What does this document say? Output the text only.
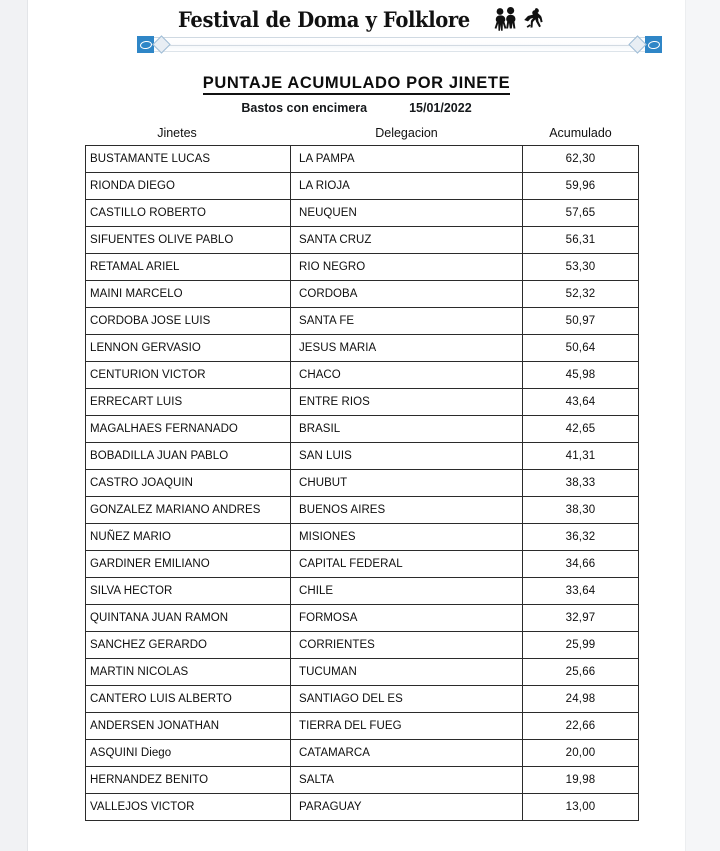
Festival de Doma y Folklore
PUNTAJE ACUMULADO POR JINETE
Bastos con encimera	15/01/2022
Jinetes	Delegacion	Acumulado
BUSTAMANTE LUCAS	LA PAMPA	62,30
RIONDA DIEGO	LA RIOJA	59,96
CASTILLO ROBERTO	NEUQUEN	57,65
SIFUENTES OLIVE PABLO	SANTA CRUZ	56,31
RETAMAL ARIEL	RIO NEGRO	53,30
MAINI MARCELO	CORDOBA	52,32
CORDOBA JOSE LUIS	SANTA FE	50,97
LENNON GERVASIO	JESUS MARIA	50,64
CENTURION VICTOR	CHACO	45,98
ERRECART LUIS	ENTRE RIOS	43,64
MAGALHAES FERNANADO	BRASIL	42,65
BOBADILLA JUAN PABLO	SAN LUIS	41,31
CASTRO JOAQUIN	CHUBUT	38,33
GONZALEZ MARIANO ANDRES	BUENOS AIRES	38,30
NUÑEZ MARIO	MISIONES	36,32
GARDINER EMILIANO	CAPITAL FEDERAL	34,66
SILVA HECTOR	CHILE	33,64
QUINTANA JUAN RAMON	FORMOSA	32,97
SANCHEZ GERARDO	CORRIENTES	25,99
MARTIN NICOLAS	TUCUMAN	25,66
CANTERO LUIS ALBERTO	SANTIAGO DEL ES	24,98
ANDERSEN JONATHAN	TIERRA DEL FUEG	22,66
ASQUINI Diego	CATAMARCA	20,00
HERNANDEZ BENITO	SALTA	19,98
VALLEJOS VICTOR	PARAGUAY	13,00
